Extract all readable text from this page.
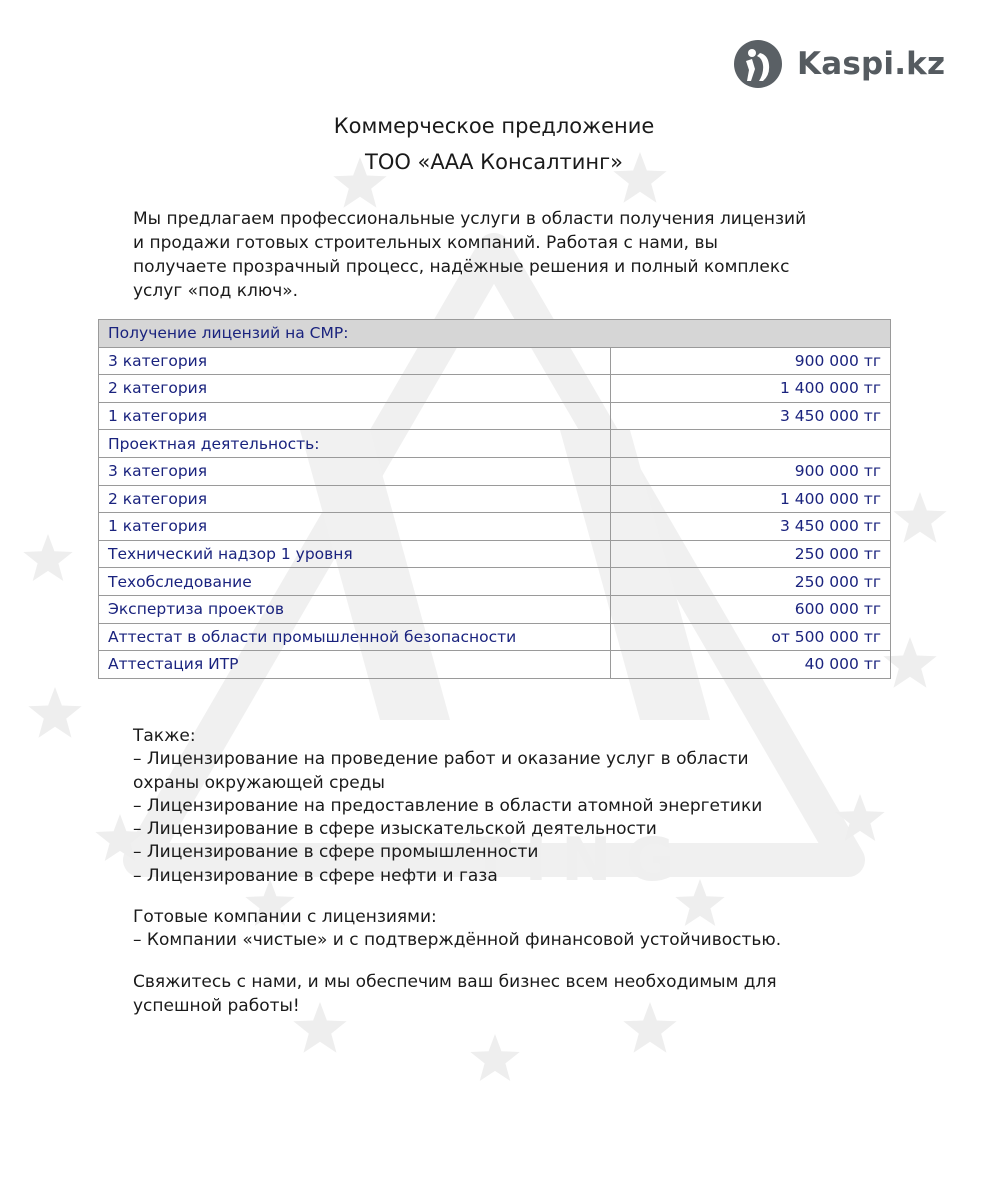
TING
Kaspi.kz
Коммерческое предложение
ТОО «ААА Консалтинг»
Мы предлагаем профессиональные услуги в области получения лицензий
и продажи готовых строительных компаний. Работая с нами, вы
получаете прозрачный процесс, надёжные решения и полный комплекс
услуг «под ключ».
Получение лицензий на СМР:	
3 категория	900 000 тг
2 категория	1 400 000 тг
1 категория	3 450 000 тг
Проектная деятельность:	
3 категория	900 000 тг
2 категория	1 400 000 тг
1 категория	3 450 000 тг
Технический надзор 1 уровня	250 000 тг
Техобследование	250 000 тг
Экспертиза проектов	600 000 тг
Аттестат в области промышленной безопасности	от 500 000 тг
Аттестация ИТР	40 000 тг
Также:
– Лицензирование на проведение работ и оказание услуг в области
охраны окружающей среды
– Лицензирование на предоставление в области атомной энергетики
– Лицензирование в сфере изыскательской деятельности
– Лицензирование в сфере промышленности
– Лицензирование в сфере нефти и газа
Готовые компании с лицензиями:
– Компании «чистые» и с подтверждённой финансовой устойчивостью.
Свяжитесь с нами, и мы обеспечим ваш бизнес всем необходимым для
успешной работы!
